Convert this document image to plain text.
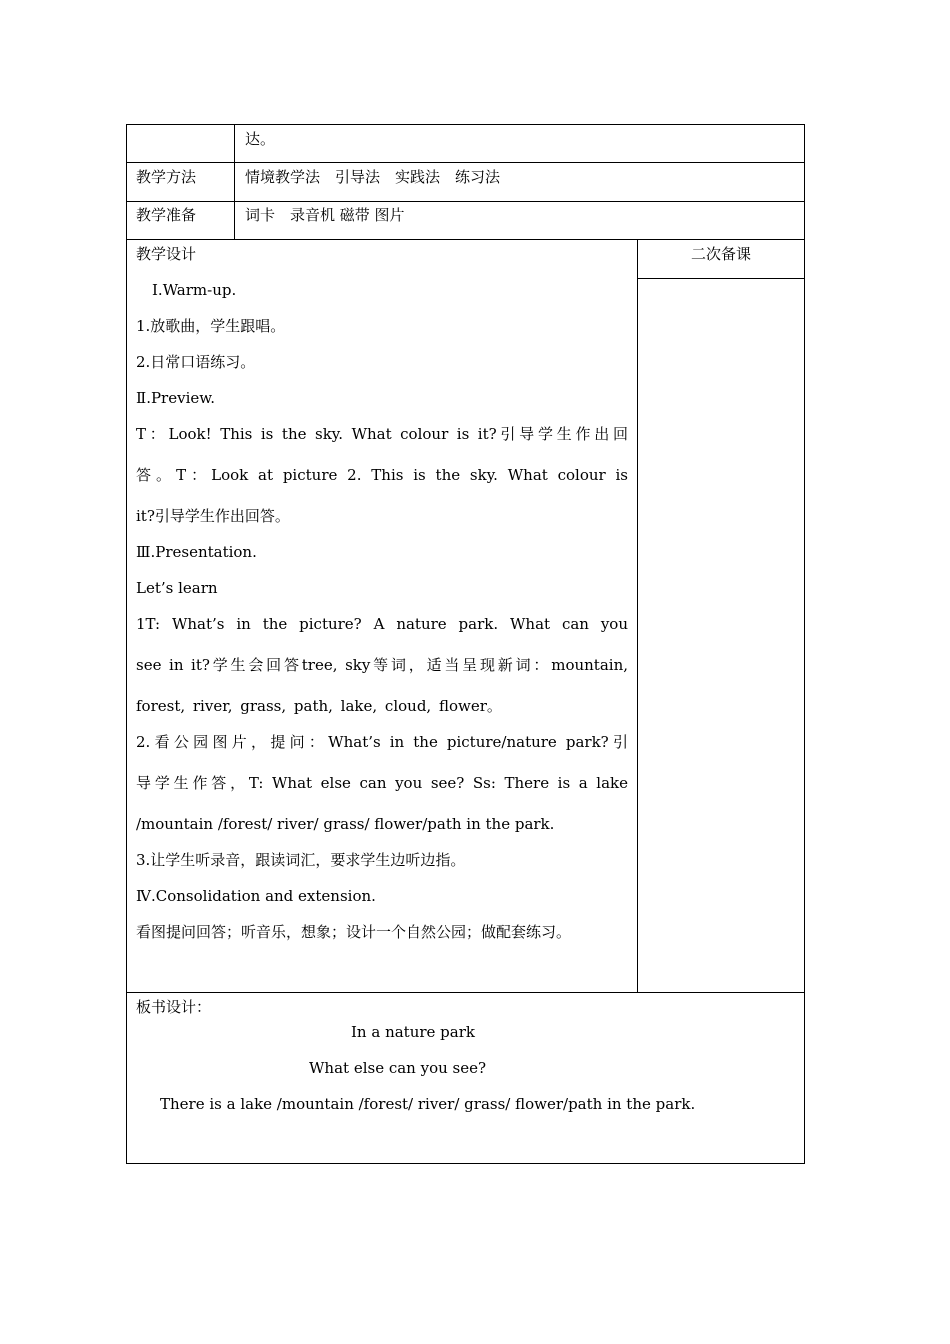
达。
教学方法	情境教学法　引导法　实践法　练习法
教学准备	词卡　录音机 磁带 图片
教学设计	二次备课
Ⅰ.Warm-up.
1.放歌曲，学生跟唱。
2.日常口语练习。
Ⅱ.Preview.
T：Look! This is the sky. What colour is it?引导学生作出回
答。T：Look at picture 2. This is the sky. What colour is
it?引导学生作出回答。
Ⅲ.Presentation.
Let’s learn
1T: What’s in the picture? A nature park. What can you
see in it?学生会回答tree, sky等词，适当呈现新词：mountain,
forest, river, grass, path, lake, cloud, flower。
2.看公园图片，提问：What’s in the picture/nature park?引
导学生作答，T: What else can you see? Ss: There is a lake
/mountain /forest/ river/ grass/ flower/path in the park.
3.让学生听录音，跟读词汇，要求学生边听边指。
Ⅳ.Consolidation and extension.
看图提问回答；听音乐，想象；设计一个自然公园；做配套练习。
板书设计：
In a nature park
What else can you see?
There is a lake /mountain /forest/ river/ grass/ flower/path in the park.
